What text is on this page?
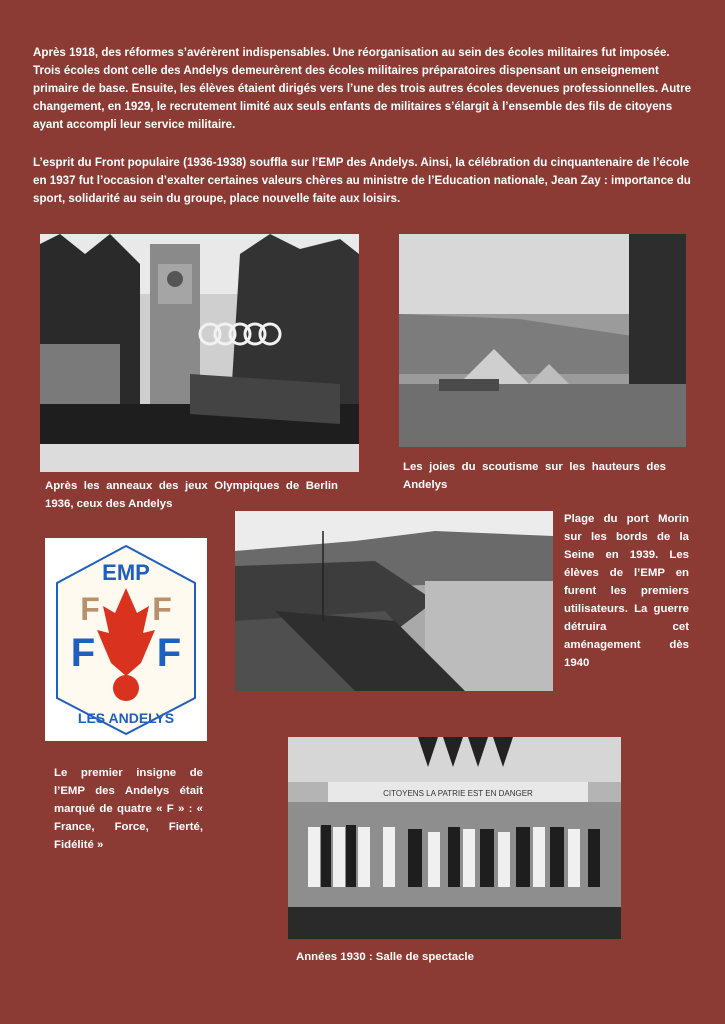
Après 1918, des réformes s’avérèrent indispensables. Une réorganisation au sein des écoles militaires fut imposée. Trois écoles dont celle des Andelys demeurèrent des écoles militaires préparatoires dispensant un enseignement primaire de base. Ensuite, les élèves étaient dirigés vers l’une des trois autres écoles devenues professionnelles. Autre changement, en 1929, le recrutement limité aux seuls enfants de militaires s’élargit à l’ensemble des fils de citoyens ayant accompli leur service militaire.

L’esprit du Front populaire (1936-1938) souffla sur l’EMP des Andelys. Ainsi, la célébration du cinquantenaire de l’école en 1937 fut l’occasion d’exalter certaines valeurs chères au ministre de l’Education nationale, Jean Zay : importance du sport, solidarité au sein du groupe, place nouvelle faite aux loisirs.

Les joies du scoutisme sur les hauteurs des Andelys

Après les anneaux des jeux Olympiques de Berlin 1936, ceux des Andelys

Plage du port Morin sur les bords de la Seine en 1939. Les élèves de l’EMP en furent les premiers utilisateurs. La guerre détruira cet aménagement dès 1940

EMP
F F
F F
LES ANDELYS

Le premier insigne de l’EMP des Andelys était marqué de quatre « F » : « France, Force, Fierté, Fidélité »

CITOYENS LA PATRIE EST EN DANGER

Années 1930 : Salle de spectacle
